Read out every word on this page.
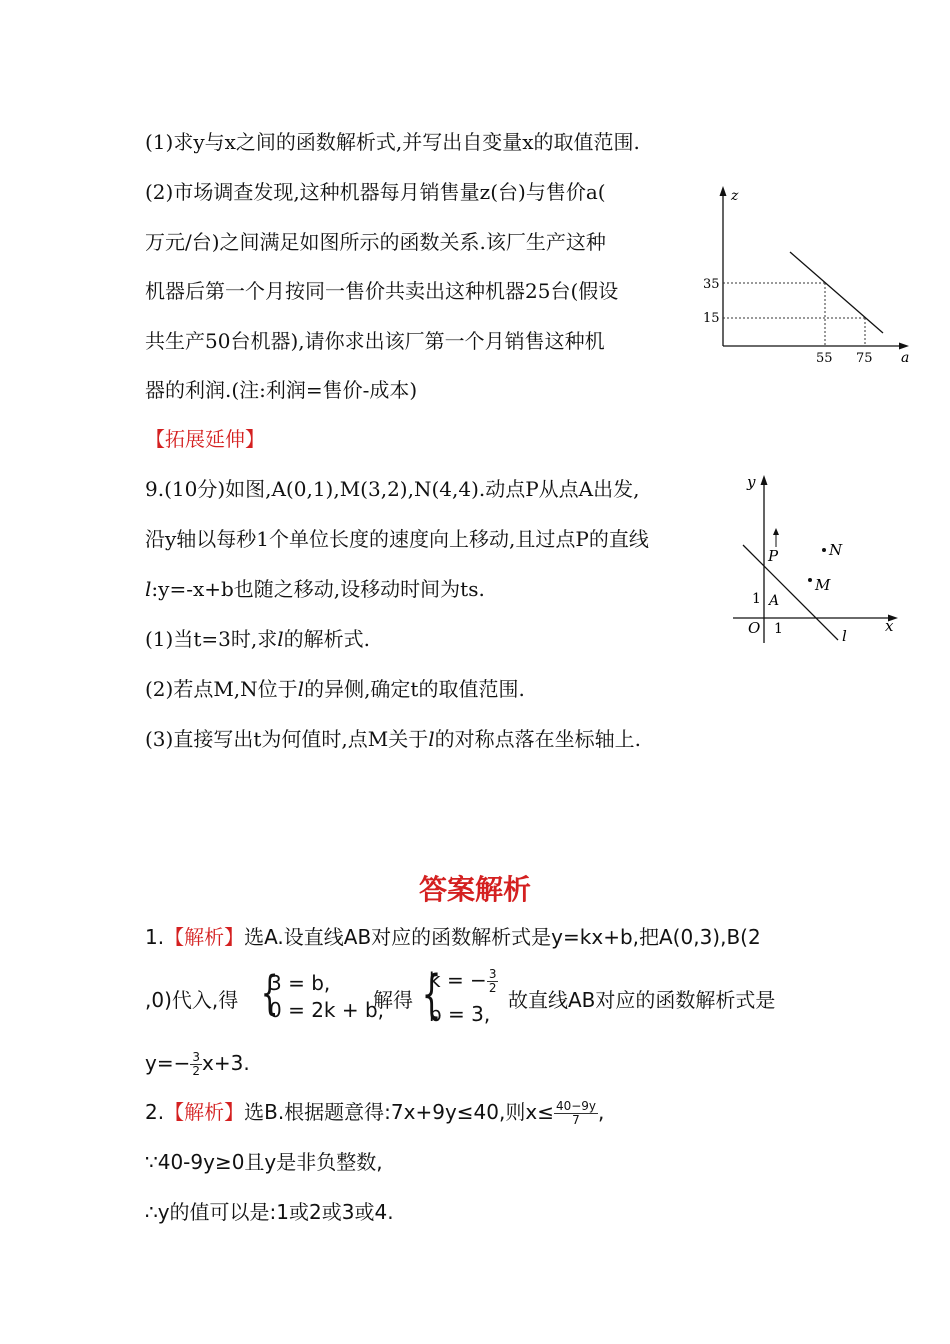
(1)求y与x之间的函数解析式,并写出自变量x的取值范围.
(2)市场调查发现,这种机器每月销售量z(台)与售价a(
万元/台)之间满足如图所示的函数关系.该厂生产这种
机器后第一个月按同一售价共卖出这种机器25台(假设
共生产50台机器),请你求出该厂第一个月销售这种机
器的利润.(注:利润=售价-成本)
z
a
35
15
55 75
【拓展延伸】
9.(10分)如图,A(0,1),M(3,2),N(4,4).动点P从点A出发,
沿y轴以每秒1个单位长度的速度向上移动,且过点P的直线
l:y=-x+b也随之移动,设移动时间为ts.
(1)当t=3时,求l的解析式.
(2)若点M,N位于l的异侧,确定t的取值范围.
(3)直接写出t为何值时,点M关于l的对称点落在坐标轴上.
y
x
O
1
1
A
P	N
M
l
答案解析
1.【解析】选A.设直线AB对应的函数解析式是y=kx+b,把A(0,3),B(2
,0)代入,得 {
3 = b,
0 = 2k + b,
解得 {
k = − $\frac{3}{2}$
b = 3,
故直线AB对应的函数解析式是
$y=- \frac{3}{2} x+3$.
2.【解析】选B.根据题意得:7x+9y≤40,则$x\le \frac{40-9y}{7}$ ,
∵40-9y≥0且y是非负整数,
∴y的值可以是:1或2或3或4.
